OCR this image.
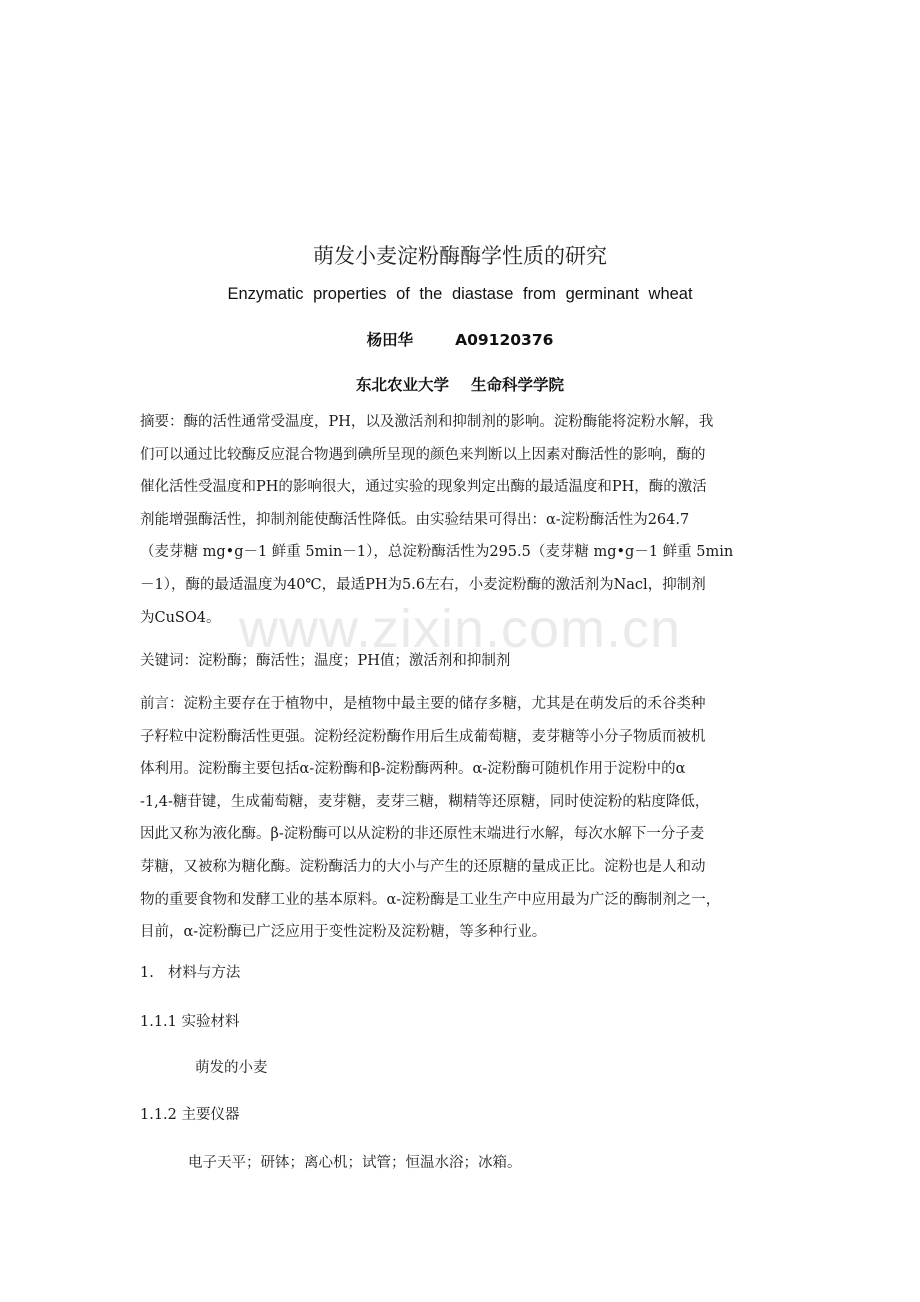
萌发小麦淀粉酶酶学性质的研究
Enzymatic properties of the diastase from germinant wheat
杨田华	A09120376
东北农业大学 生命科学学院

摘要：酶的活性通常受温度，PH，以及激活剂和抑制剂的影响。淀粉酶能将淀粉水解，我

们可以通过比较酶反应混合物遇到碘所呈现的颜色来判断以上因素对酶活性的影响，酶的

催化活性受温度和PH的影响很大，通过实验的现象判定出酶的最适温度和PH，酶的激活

剂能增强酶活性，抑制剂能使酶活性降低。由实验结果可得出：α-淀粉酶活性为264.7

（麦芽糖 mg•g－1 鲜重 5min－1），总淀粉酶活性为295.5（麦芽糖 mg•g－1 鲜重 5min

－1），酶的最适温度为40℃，最适PH为5.6左右，小麦淀粉酶的激活剂为Nacl，抑制剂

为CuSO4。 www.zixin.com.cn

关键词：淀粉酶；酶活性；温度；PH值；激活剂和抑制剂

前言：淀粉主要存在于植物中，是植物中最主要的储存多糖，尤其是在萌发后的禾谷类种

子籽粒中淀粉酶活性更强。淀粉经淀粉酶作用后生成葡萄糖，麦芽糖等小分子物质而被机

体利用。淀粉酶主要包括α-淀粉酶和β-淀粉酶两种。α-淀粉酶可随机作用于淀粉中的α

-1,4-糖苷键，生成葡萄糖，麦芽糖，麦芽三糖，糊精等还原糖，同时使淀粉的粘度降低，

因此又称为液化酶。β-淀粉酶可以从淀粉的非还原性末端进行水解，每次水解下一分子麦

芽糖，又被称为糖化酶。淀粉酶活力的大小与产生的还原糖的量成正比。淀粉也是人和动

物的重要食物和发酵工业的基本原料。α-淀粉酶是工业生产中应用最为广泛的酶制剂之一，

目前，α-淀粉酶已广泛应用于变性淀粉及淀粉糖，等多种行业。

1. 材料与方法
1.1.1 实验材料
萌发的小麦
1.1.2 主要仪器
电子天平；研钵；离心机；试管；恒温水浴；冰箱。
